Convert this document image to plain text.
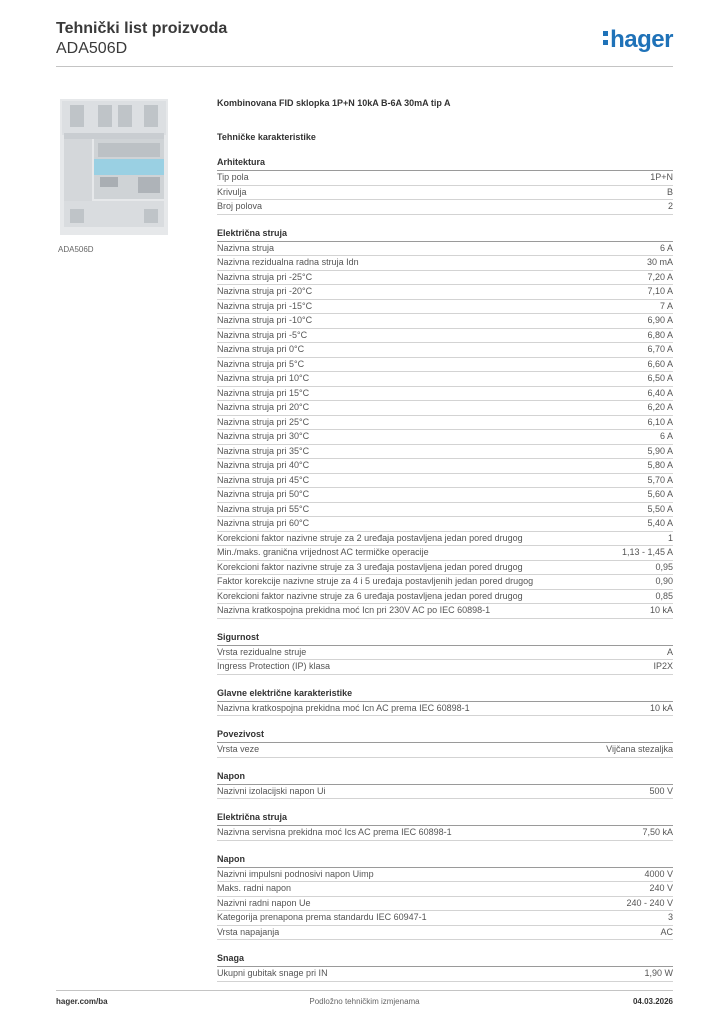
Tehnički list proizvoda
ADA506D	hager
ADA506D
Kombinovana FID sklopka 1P+N 10kA B-6A 30mA tip A
Tehničke karakteristike
Arhitektura
Tip pola	1P+N
Krivulja	B
Broj polova	2
Električna struja
Nazivna struja	6 A
Nazivna rezidualna radna struja Idn	30 mA
Nazivna struja pri -25°C	7,20 A
Nazivna struja pri -20°C	7,10 A
Nazivna struja pri -15°C	7 A
Nazivna struja pri -10°C	6,90 A
Nazivna struja pri -5°C	6,80 A
Nazivna struja pri 0°C	6,70 A
Nazivna struja pri 5°C	6,60 A
Nazivna struja pri 10°C	6,50 A
Nazivna struja pri 15°C	6,40 A
Nazivna struja pri 20°C	6,20 A
Nazivna struja pri 25°C	6,10 A
Nazivna struja pri 30°C	6 A
Nazivna struja pri 35°C	5,90 A
Nazivna struja pri 40°C	5,80 A
Nazivna struja pri 45°C	5,70 A
Nazivna struja pri 50°C	5,60 A
Nazivna struja pri 55°C	5,50 A
Nazivna struja pri 60°C	5,40 A
Korekcioni faktor nazivne struje za 2 uređaja postavljena jedan pored drugog	1
Min./maks. granična vrijednost AC termičke operacije	1,13 - 1,45 A
Korekcioni faktor nazivne struje za 3 uređaja postavljena jedan pored drugog	0,95
Faktor korekcije nazivne struje za 4 i 5 uređaja postavljenih jedan pored drugog	0,90
Korekcioni faktor nazivne struje za 6 uređaja postavljena jedan pored drugog	0,85
Nazivna kratkospojna prekidna moć Icn pri 230V AC po IEC 60898-1	10 kA
Sigurnost
Vrsta rezidualne struje	A
Ingress Protection (IP) klasa	IP2X
Glavne električne karakteristike
Nazivna kratkospojna prekidna moć Icn AC prema IEC 60898-1	10 kA
Povezivost
Vrsta veze	Vijčana stezaljka
Napon
Nazivni izolacijski napon Ui	500 V
Električna struja
Nazivna servisna prekidna moć Ics AC prema IEC 60898-1	7,50 kA
Napon
Nazivni impulsni podnosivi napon Uimp	4000 V
Maks. radni napon	240 V
Nazivni radni napon Ue	240 - 240 V
Kategorija prenapona prema standardu IEC 60947-1	3
Vrsta napajanja	AC
Snaga
Ukupni gubitak snage pri IN	1,90 W
hager.com/ba	Podložno tehničkim izmjenama	04.03.2026
